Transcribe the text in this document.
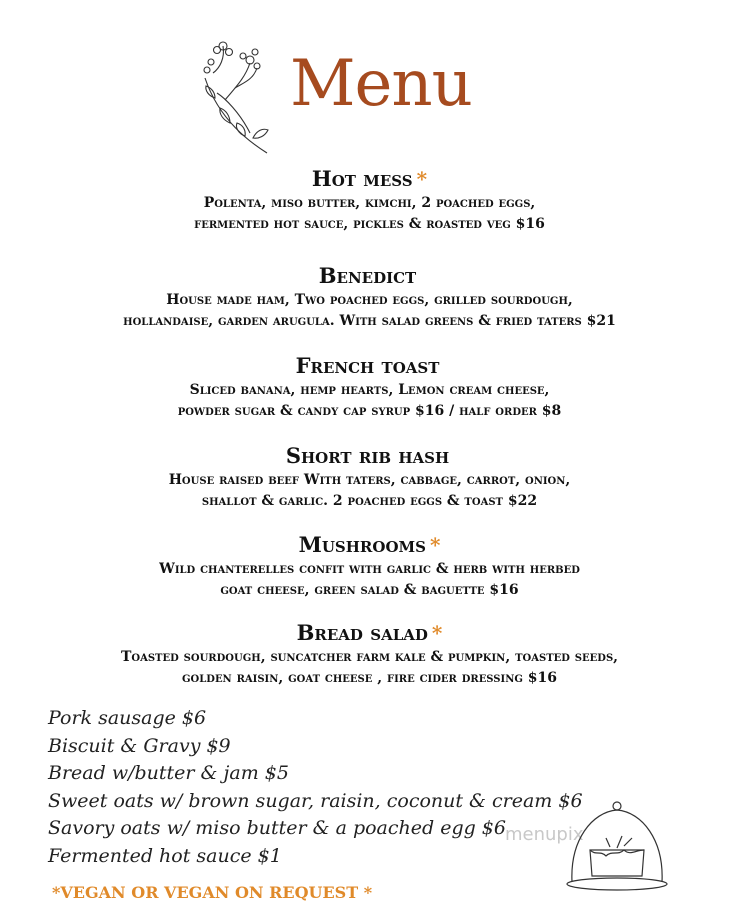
Menu
Hot mess *
Polenta, miso butter, kimchi, 2 poached eggs,
fermented hot sauce, pickles & roasted veg $16
Benedict
House made ham, Two poached eggs, grilled sourdough,
hollandaise, garden arugula. With salad greens & fried taters $21
French toast
Sliced banana, hemp hearts, Lemon cream cheese,
powder sugar & candy cap syrup $16 / half order $8
Short rib hash
House raised beef With taters, cabbage, carrot, onion,
shallot & garlic. 2 poached eggs & toast $22
Mushrooms *
Wild chanterelles confit with garlic & herb with herbed
goat cheese, green salad & baguette $16
Bread salad *
Toasted sourdough, suncatcher farm kale & pumpkin, toasted seeds,
golden raisin, goat cheese , fire cider dressing $16
Pork sausage $6
Biscuit & Gravy $9
Bread w/butter & jam $5
Sweet oats w/ brown sugar, raisin, coconut & cream $6
Savory oats w/ miso butter & a poached egg $6
Fermented hot sauce $1
menupix
*VEGAN OR VEGAN ON REQUEST *
